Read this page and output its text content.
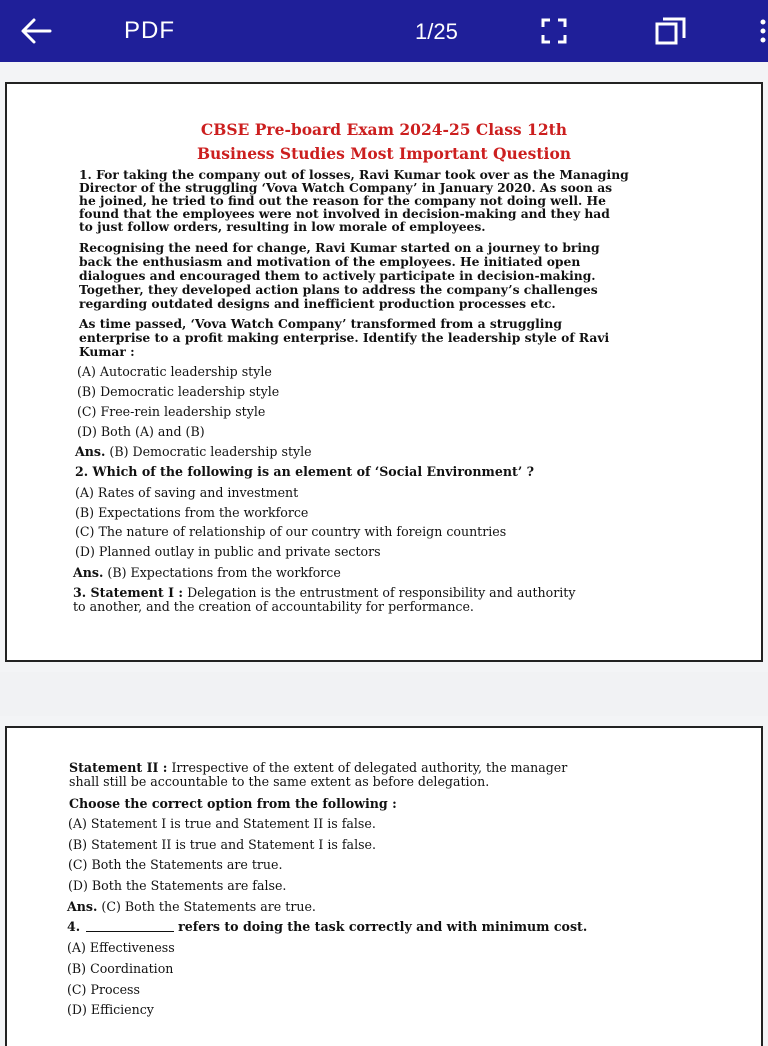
PDF	1/25
CBSE Pre-board Exam 2024-25 Class 12th
Business Studies Most Important Question
1. For taking the company out of losses, Ravi Kumar took over as the Managing
Director of the struggling ‘Vova Watch Company’ in January 2020. As soon as
he joined, he tried to find out the reason for the company not doing well. He
found that the employees were not involved in decision-making and they had
to just follow orders, resulting in low morale of employees.
Recognising the need for change, Ravi Kumar started on a journey to bring
back the enthusiasm and motivation of the employees. He initiated open
dialogues and encouraged them to actively participate in decision-making.
Together, they developed action plans to address the company’s challenges
regarding outdated designs and inefficient production processes etc.
As time passed, ‘Vova Watch Company’ transformed from a struggling
enterprise to a profit making enterprise. Identify the leadership style of Ravi
Kumar :
(A) Autocratic leadership style
(B) Democratic leadership style
(C) Free-rein leadership style
(D) Both (A) and (B)
Ans. (B) Democratic leadership style
2. Which of the following is an element of ‘Social Environment’ ?
(A) Rates of saving and investment
(B) Expectations from the workforce
(C) The nature of relationship of our country with foreign countries
(D) Planned outlay in public and private sectors
Ans. (B) Expectations from the workforce
3. Statement I : Delegation is the entrustment of responsibility and authority
to another, and the creation of accountability for performance.
Statement II : Irrespective of the extent of delegated authority, the manager
shall still be accountable to the same extent as before delegation.
Choose the correct option from the following :
(A) Statement I is true and Statement II is false.
(B) Statement II is true and Statement I is false.
(C) Both the Statements are true.
(D) Both the Statements are false.
Ans. (C) Both the Statements are true.
4.	refers to doing the task correctly and with minimum cost.
(A) Effectiveness
(B) Coordination
(C) Process
(D) Efficiency
